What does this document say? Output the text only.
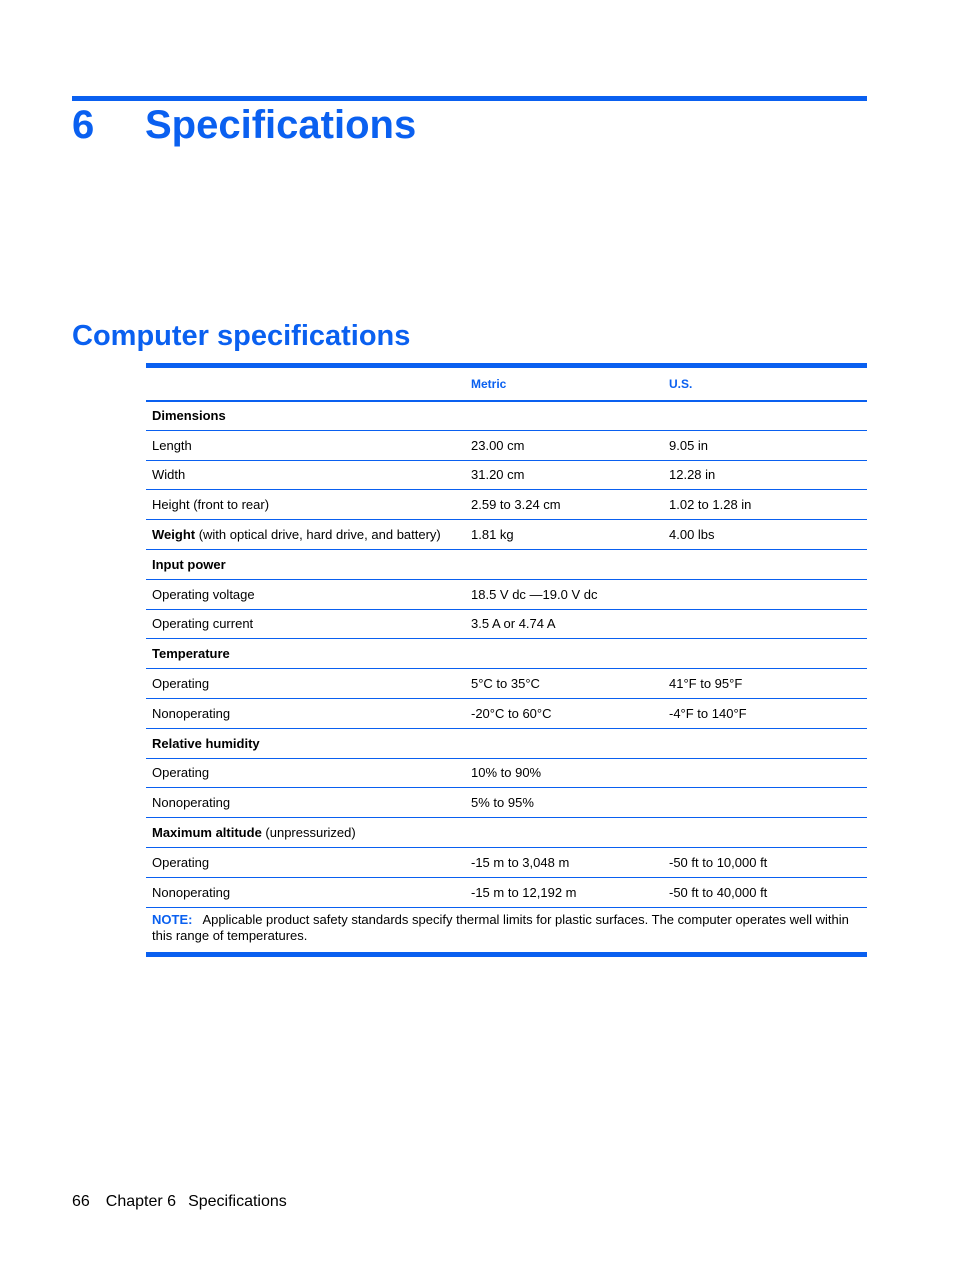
6 Specifications
Computer specifications
	Metric	U.S.
Dimensions		
Length	23.00 cm	9.05 in
Width	31.20 cm	12.28 in
Height (front to rear)	2.59 to 3.24 cm	1.02 to 1.28 in
Weight (with optical drive, hard drive, and battery)	1.81 kg	4.00 lbs
Input power		
Operating voltage	18.5 V dc —19.0 V dc	
Operating current	3.5 A or 4.74 A	
Temperature		
Operating	5°C to 35°C	41°F to 95°F
Nonoperating	-20°C to 60°C	-4°F to 140°F
Relative humidity		
Operating	10% to 90%	
Nonoperating	5% to 95%	
Maximum altitude (unpressurized)		
Operating	-15 m to 3,048 m	-50 ft to 10,000 ft
Nonoperating	-15 m to 12,192 m	-50 ft to 40,000 ft
NOTE: Applicable product safety standards specify thermal limits for plastic surfaces. The computer operates well within this range of temperatures.		
66 Chapter 6 Specifications
